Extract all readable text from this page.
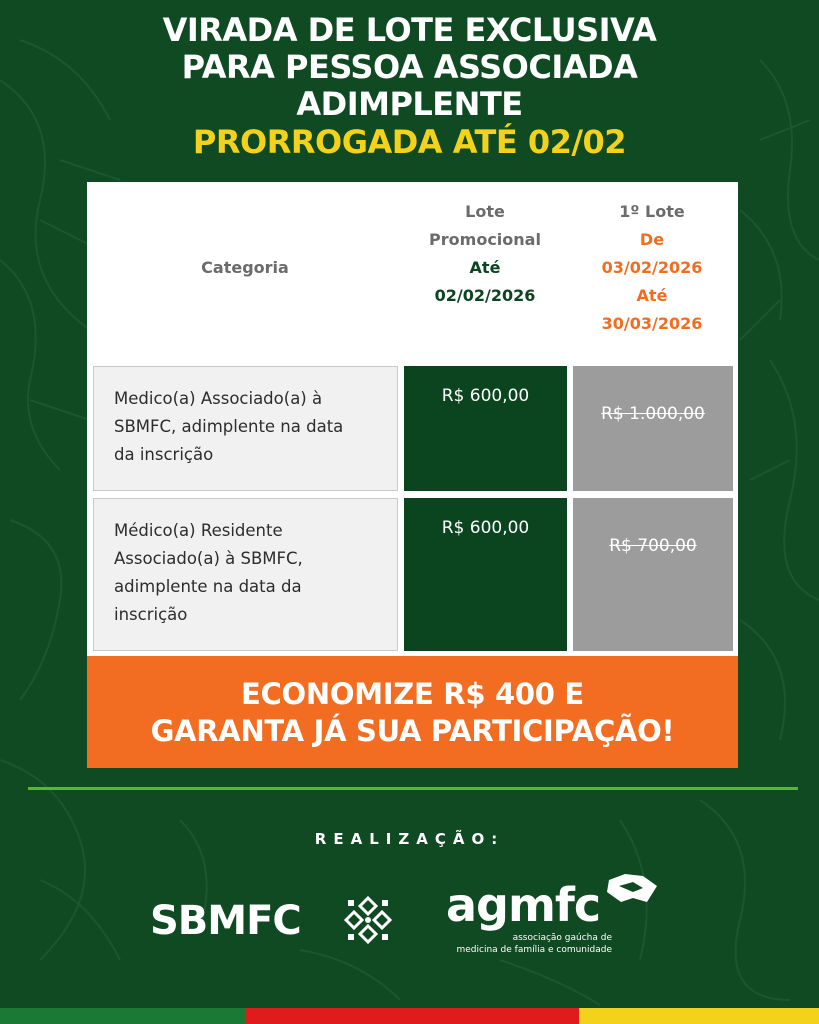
VIRADA DE LOTE EXCLUSIVA
PARA PESSOA ASSOCIADA
ADIMPLENTE
PRORROGADA ATÉ 02/02
Categoria
Lote
Promocional
Até
02/02/2026
1º Lote
De
03/02/2026
Até
30/03/2026
Medico(a) Associado(a) à
SBMFC, adimplente na data
da inscrição
R$ 600,00
R$ 1.000,00
Médico(a) Residente
Associado(a) à SBMFC,
adimplente na data da
inscrição
R$ 600,00
R$ 700,00
ECONOMIZE R$ 400 E
GARANTA JÁ SUA PARTICIPAÇÃO!
REALIZAÇÃO:
SBMFC	agmfc
associação gaúcha de
medicina de família e comunidade
